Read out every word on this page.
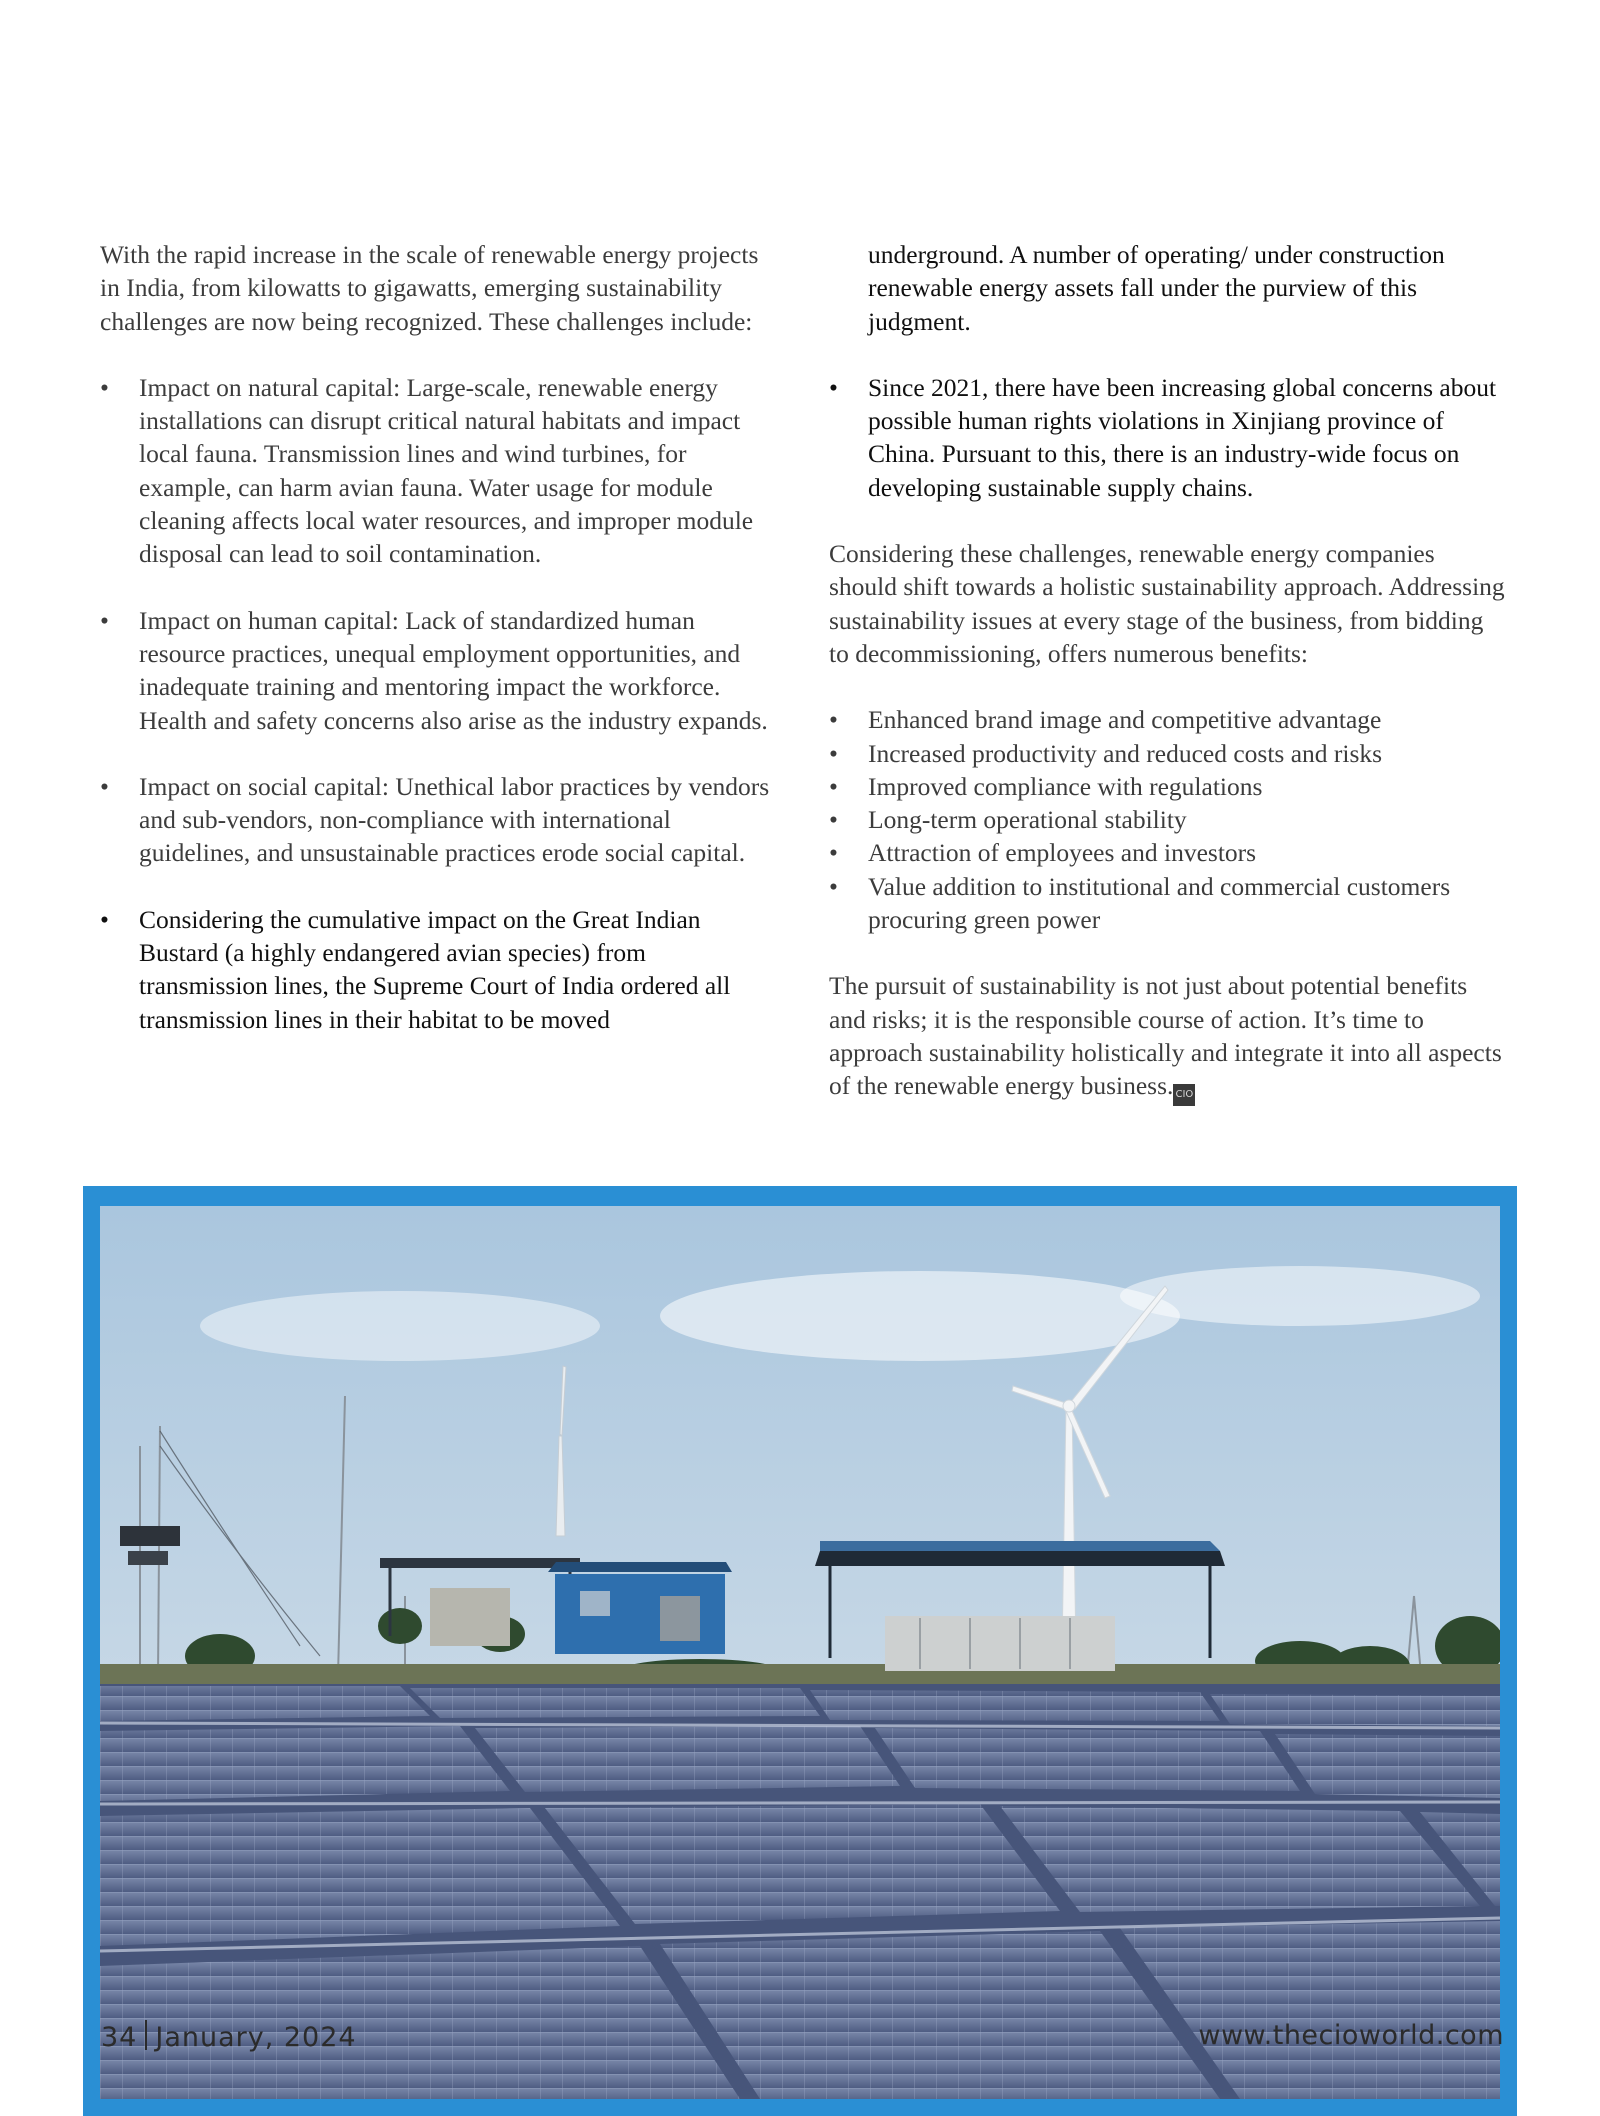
With the rapid increase in the scale of renewable energy projects in India, from kilowatts to gigawatts, emerging sustainability challenges are now being recognized. These challenges include:

• Impact on natural capital: Large-scale, renewable energy installations can disrupt critical natural habitats and impact local fauna. Transmission lines and wind turbines, for example, can harm avian fauna. Water usage for module cleaning affects local water resources, and improper module disposal can lead to soil contamination.
• Impact on human capital: Lack of standardized human resource practices, unequal employment opportunities, and inadequate training and mentoring impact the workforce. Health and safety concerns also arise as the industry expands.
• Impact on social capital: Unethical labor practices by vendors and sub-vendors, non-compliance with international guidelines, and unsustainable practices erode social capital.
• Considering the cumulative impact on the Great Indian Bustard (a highly endangered avian species) from transmission lines, the Supreme Court of India ordered all transmission lines in their habitat to be moved

underground. A number of operating/ under construction renewable energy assets fall under the purview of this judgment.

• Since 2021, there have been increasing global concerns about possible human rights violations in Xinjiang province of China. Pursuant to this, there is an industry-wide focus on developing sustainable supply chains.

Considering these challenges, renewable energy companies should shift towards a holistic sustainability approach. Addressing sustainability issues at every stage of the business, from bidding to decommissioning, offers numerous benefits:

• Enhanced brand image and competitive advantage
• Increased productivity and reduced costs and risks
• Improved compliance with regulations
• Long-term operational stability
• Attraction of employees and investors
• Value addition to institutional and commercial customers procuring green power

The pursuit of sustainability is not just about potential benefits and risks; it is the responsible course of action. It’s time to approach sustainability holistically and integrate it into all aspects of the renewable energy business. CIO

34 January, 2024	www.thecioworld.com
